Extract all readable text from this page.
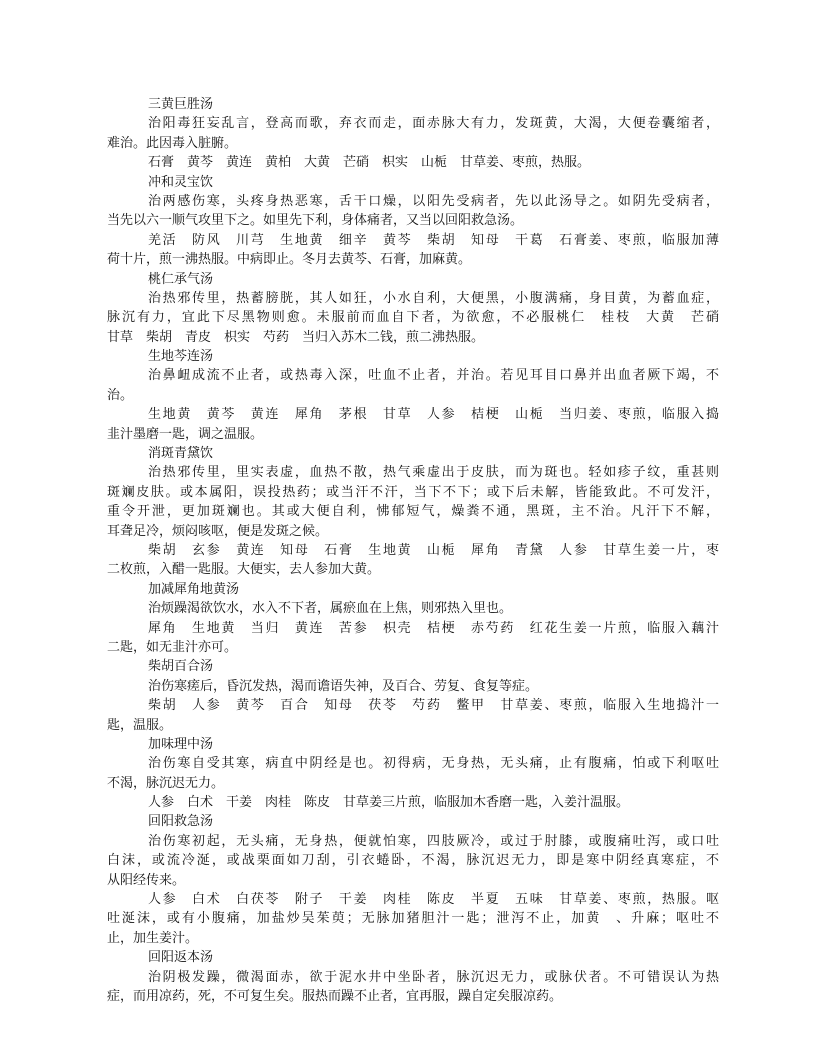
三黄巨胜汤
治阳毒狂妄乱言，登高而歌，弃衣而走，面赤脉大有力，发斑黄，大渴，大便卷囊缩者，
难治。此因毒入脏腑。
石膏　黄芩　黄连　黄柏　大黄　芒硝　枳实　山栀　甘草姜、枣煎，热服。
冲和灵宝饮
治两感伤寒，头疼身热恶寒，舌干口燥，以阳先受病者，先以此汤导之。如阴先受病者，
当先以六一顺气攻里下之。如里先下利，身体痛者，又当以回阳救急汤。
羌活　防风　川芎　生地黄　细辛　黄芩　柴胡　知母　干葛　石膏姜、枣煎，临服加薄
荷十片，煎一沸热服。中病即止。冬月去黄芩、石膏，加麻黄。
桃仁承气汤
治热邪传里，热蓄膀胱，其人如狂，小水自利，大便黑，小腹满痛，身目黄，为蓄血症，
脉沉有力，宜此下尽黑物则愈。未服前而血自下者，为欲愈，不必服桃仁　桂枝　大黄　芒硝
甘草　柴胡　青皮　枳实　芍药　当归入苏木二钱，煎二沸热服。
生地芩连汤
治鼻衄成流不止者，或热毒入深，吐血不止者，并治。若见耳目口鼻并出血者厥下竭，不
治。
生地黄　黄芩　黄连　犀角　茅根　甘草　人参　桔梗　山栀　当归姜、枣煎，临服入捣
韭汁墨磨一匙，调之温服。
消斑青黛饮
治热邪传里，里实表虚，血热不散，热气乘虚出于皮肤，而为斑也。轻如疹子纹，重甚则
斑斓皮肤。或本属阳，误投热药；或当汗不汗，当下不下；或下后未解，皆能致此。不可发汗，
重令开泄，更加斑斓也。其或大便自利，怫郁短气，燥粪不通，黑斑，主不治。凡汗下不解，
耳聋足冷，烦闷咳呕，便是发斑之候。
柴胡　玄参　黄连　知母　石膏　生地黄　山栀　犀角　青黛　人参　甘草生姜一片，枣
二枚煎，入醋一匙服。大便实，去人参加大黄。
加减犀角地黄汤
治烦躁渴欲饮水，水入不下者，属瘀血在上焦，则邪热入里也。
犀角　生地黄　当归　黄连　苦参　枳壳　桔梗　赤芍药　红花生姜一片煎，临服入藕汁
二匙，如无韭汁亦可。
柴胡百合汤
治伤寒瘥后，昏沉发热，渴而谵语失神，及百合、劳复、食复等症。
柴胡　人参　黄芩　百合　知母　茯苓　芍药　鳖甲　甘草姜、枣煎，临服入生地捣汁一
匙，温服。
加味理中汤
治伤寒自受其寒，病直中阴经是也。初得病，无身热，无头痛，止有腹痛，怕或下利呕吐
不渴，脉沉迟无力。
人参　白术　干姜　肉桂　陈皮　甘草姜三片煎，临服加木香磨一匙，入姜汁温服。
回阳救急汤
治伤寒初起，无头痛，无身热，便就怕寒，四肢厥冷，或过于肘膝，或腹痛吐泻，或口吐
白沫，或流冷涎，或战栗面如刀刮，引衣蜷卧，不渴，脉沉迟无力，即是寒中阴经真寒症，不
从阳经传来。
人参　白术　白茯苓　附子　干姜　肉桂　陈皮　半夏　五味　甘草姜、枣煎，热服。呕
吐涎沫，或有小腹痛，加盐炒吴茱萸；无脉加猪胆汁一匙；泄泻不止，加黄　、升麻；呕吐不
止，加生姜汁。
回阳返本汤
治阴极发躁，微渴面赤，欲于泥水井中坐卧者，脉沉迟无力，或脉伏者。不可错误认为热
症，而用凉药，死，不可复生矣。服热而躁不止者，宜再服，躁自定矣服凉药。
